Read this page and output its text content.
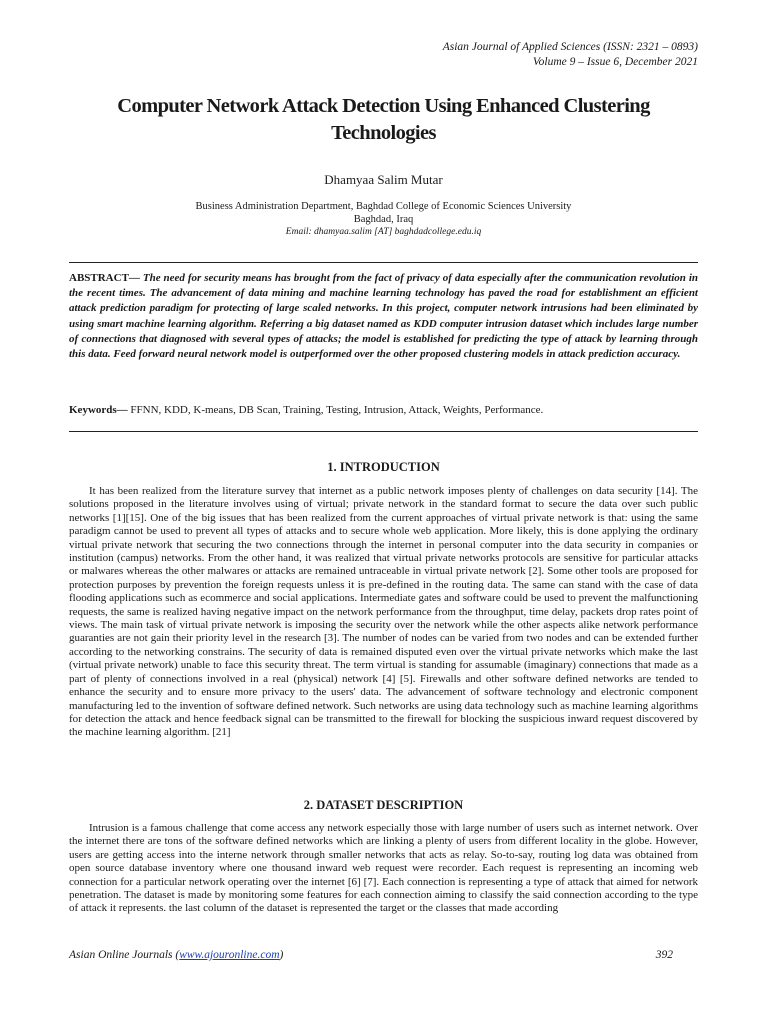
Asian Journal of Applied Sciences (ISSN: 2321 – 0893)
Volume 9 – Issue 6, December 2021
Computer Network Attack Detection Using Enhanced Clustering Technologies
Dhamyaa Salim Mutar
Business Administration Department, Baghdad College of Economic Sciences University
Baghdad, Iraq
Email: dhamyaa.salim [AT] baghdadcollege.edu.iq
ABSTRACT— The need for security means has brought from the fact of privacy of data especially after the communication revolution in the recent times. The advancement of data mining and machine learning technology has paved the road for establishment an efficient attack prediction paradigm for protecting of large scaled networks. In this project, computer network intrusions had been eliminated by using smart machine learning algorithm. Referring a big dataset named as KDD computer intrusion dataset which includes large number of connections that diagnosed with several types of attacks; the model is established for predicting the type of attack by learning through this data. Feed forward neural network model is outperformed over the other proposed clustering models in attack prediction accuracy.
Keywords— FFNN, KDD, K-means, DB Scan, Training, Testing, Intrusion, Attack, Weights, Performance.
1. INTRODUCTION
It has been realized from the literature survey that internet as a public network imposes plenty of challenges on data security [14]. The solutions proposed in the literature involves using of virtual; private network in the standard format to secure the data over such public networks [1][15]. One of the big issues that has been realized from the current approaches of virtual private network is that: using the same paradigm cannot be used to prevent all types of attacks and to secure whole web application. More likely, this is done applying the ordinary virtual private network that securing the two connections through the internet in personal computer into the data security in companies or institution (campus) networks. From the other hand, it was realized that virtual private networks protocols are sensitive for particular attacks or malwares whereas the other malwares or attacks are remained untraceable in virtual private network [2]. Some other tools are proposed for protection purposes by prevention the foreign requests unless it is pre-defined in the routing data. The same can stand with the case of data flooding applications such as ecommerce and social applications. Intermediate gates and software could be used to prevent the malfunctioning requests, the same is realized having negative impact on the network performance from the throughput, time delay, packets drop rates point of views. The main task of virtual private network is imposing the security over the network while the other aspects alike network performance guaranties are not gain their priority level in the research [3]. The number of nodes can be varied from two nodes and can be extended further according to the networking constrains. The security of data is remained disputed even over the virtual private networks which make the last (virtual private network) unable to face this security threat. The term virtual is standing for assumable (imaginary) connections that made as a part of plenty of connections involved in a real (physical) network [4] [5]. Firewalls and other software defined networks are tended to enhance the security and to ensure more privacy to the users' data. The advancement of software technology and electronic component manufacturing led to the invention of software defined network. Such networks are using data technology such as machine learning algorithms for detection the attack and hence feedback signal can be transmitted to the firewall for blocking the suspicious inward request discovered by the machine learning algorithm. [21]
2. DATASET DESCRIPTION
Intrusion is a famous challenge that come access any network especially those with large number of users such as internet network. Over the internet there are tons of the software defined networks which are linking a plenty of users from different locality in the globe. However, users are getting access into the interne network through smaller networks that acts as relay. So-to-say, routing log data was obtained from open source database inventory where one thousand inward web request were recorder. Each request is representing an incoming web connection for a particular network operating over the internet [6] [7]. Each connection is representing a type of attack that aimed for network penetration. The dataset is made by monitoring some features for each connection aiming to classify the said connection according to the type of attack it represents. the last column of the dataset is represented the target or the classes that made according
Asian Online Journals (www.ajouronline.com)	392
